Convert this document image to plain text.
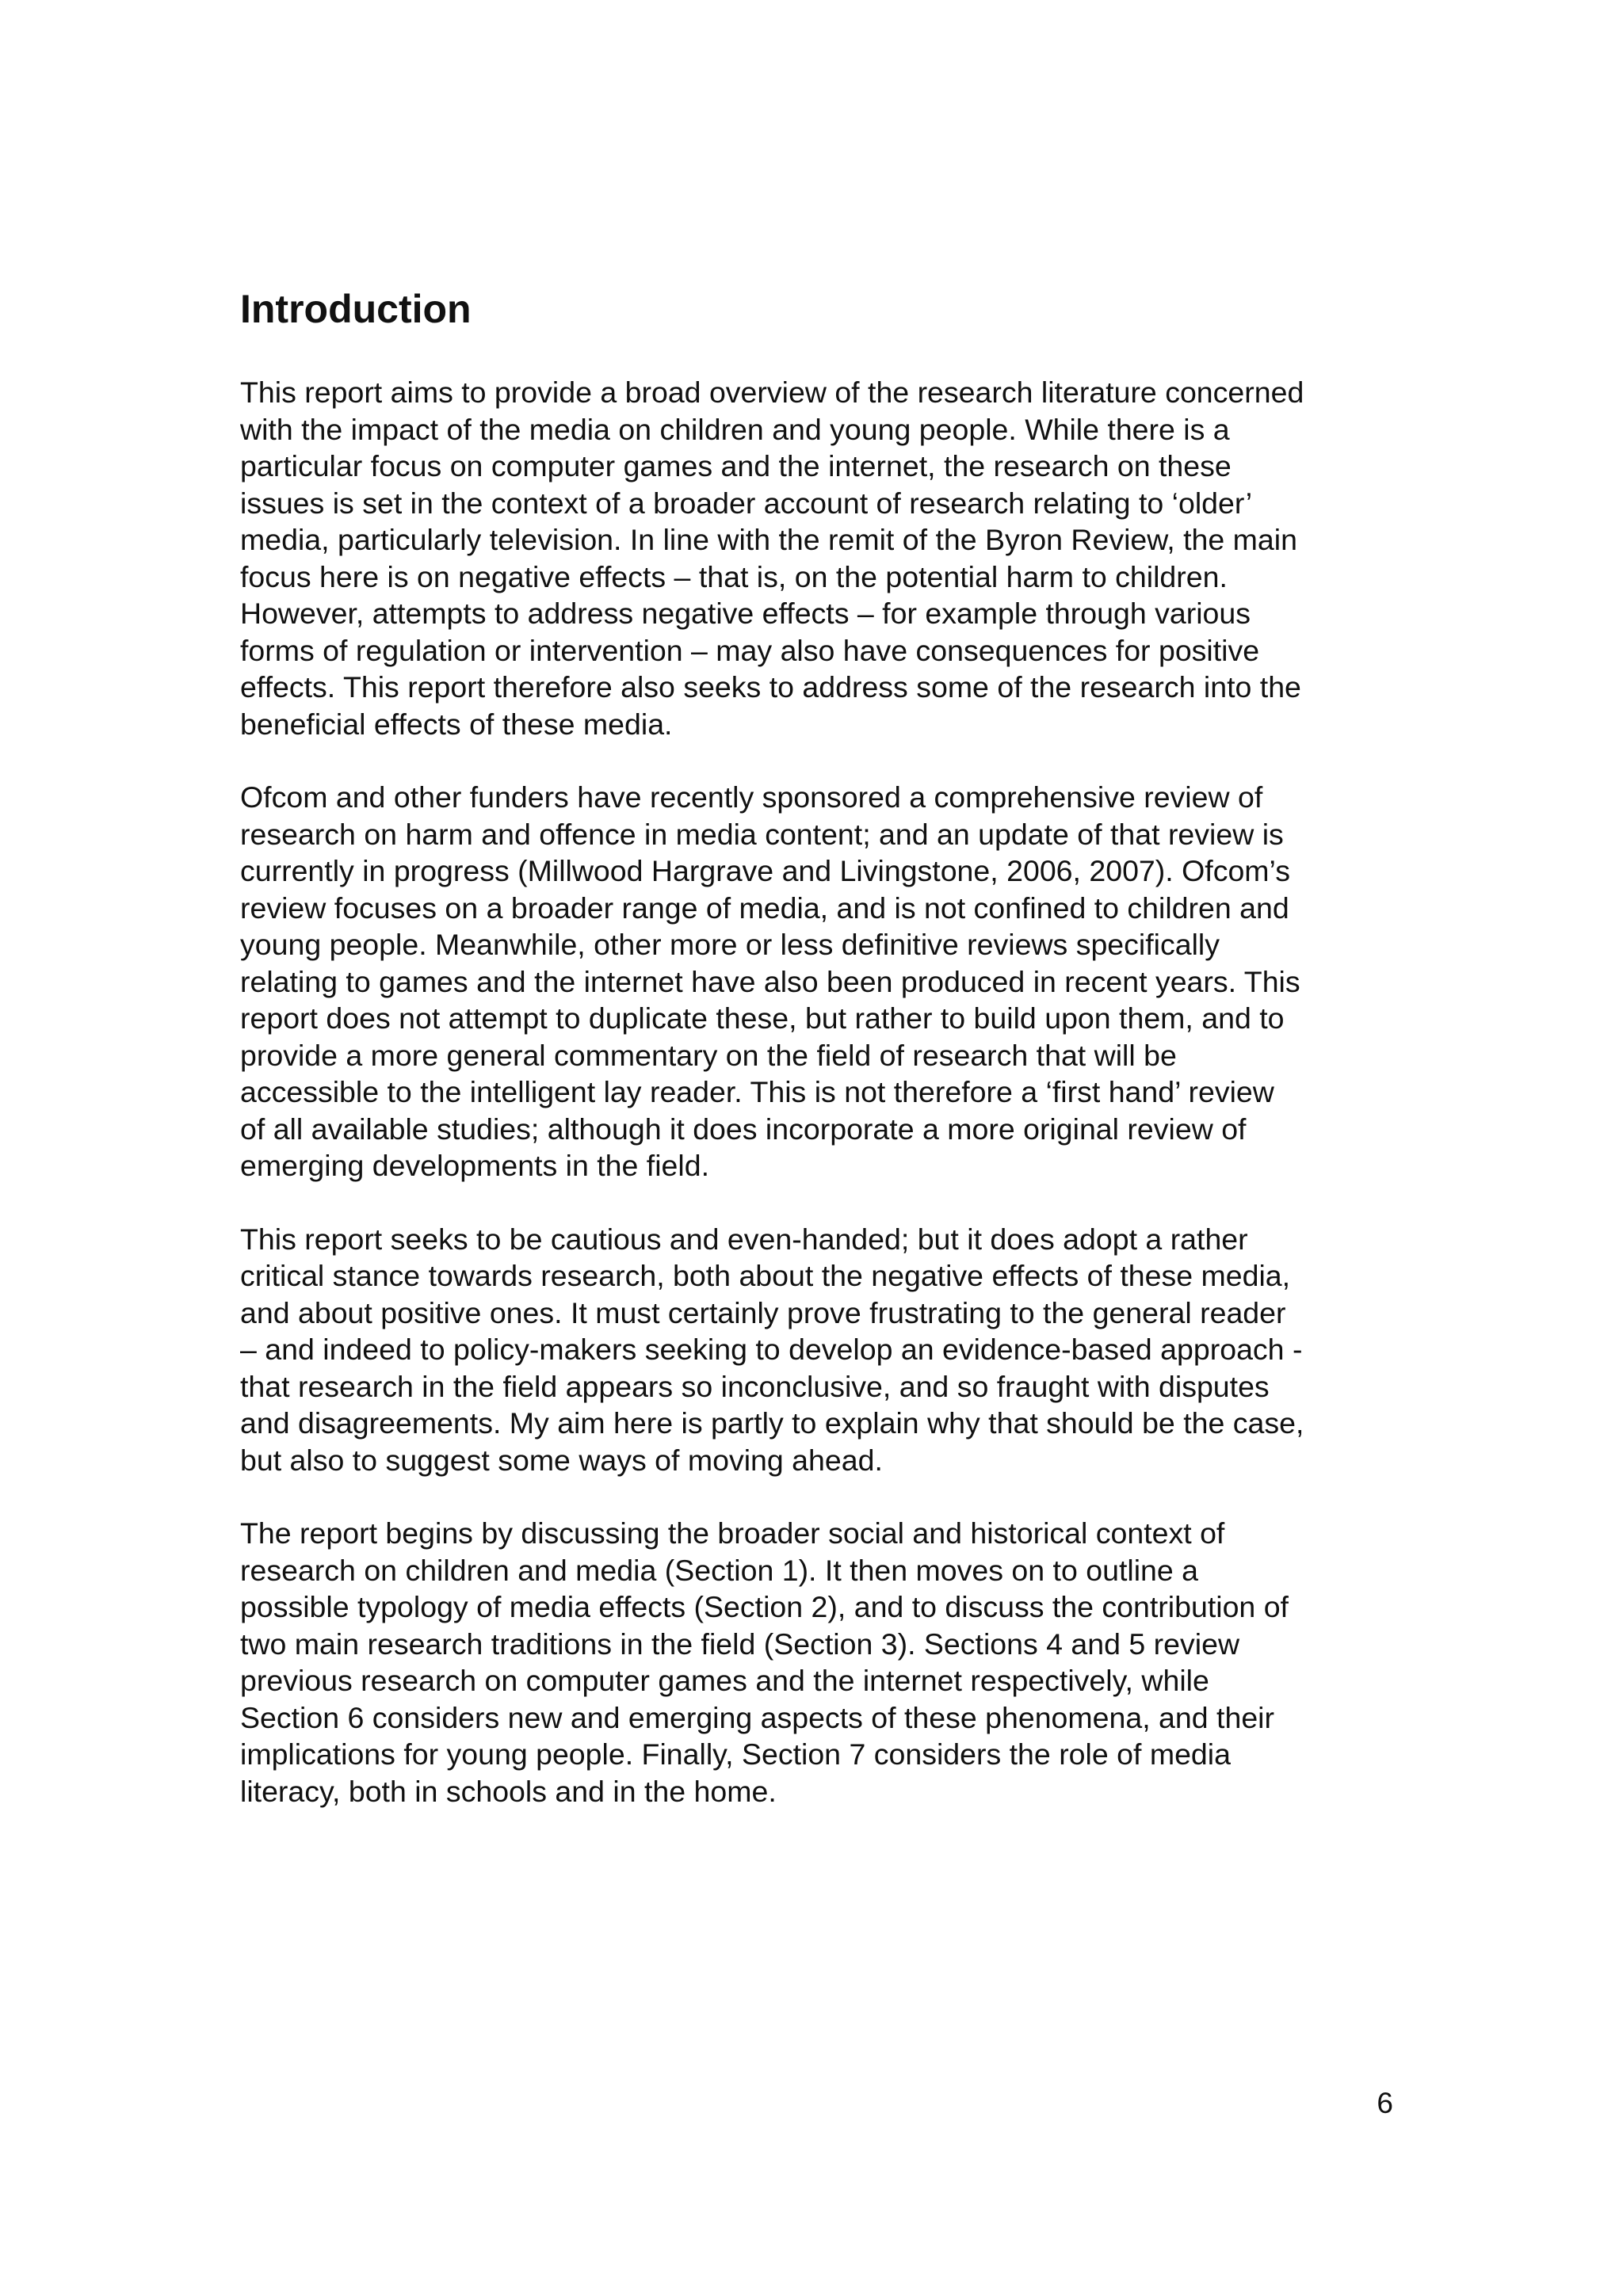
Introduction

This report aims to provide a broad overview of the research literature concerned
with the impact of the media on children and young people. While there is a
particular focus on computer games and the internet, the research on these
issues is set in the context of a broader account of research relating to ‘older’
media, particularly television. In line with the remit of the Byron Review, the main
focus here is on negative effects – that is, on the potential harm to children.
However, attempts to address negative effects – for example through various
forms of regulation or intervention – may also have consequences for positive
effects. This report therefore also seeks to address some of the research into the
beneficial effects of these media.

Ofcom and other funders have recently sponsored a comprehensive review of
research on harm and offence in media content; and an update of that review is
currently in progress (Millwood Hargrave and Livingstone, 2006, 2007). Ofcom’s
review focuses on a broader range of media, and is not confined to children and
young people. Meanwhile, other more or less definitive reviews specifically
relating to games and the internet have also been produced in recent years. This
report does not attempt to duplicate these, but rather to build upon them, and to
provide a more general commentary on the field of research that will be
accessible to the intelligent lay reader. This is not therefore a ‘first hand’ review
of all available studies; although it does incorporate a more original review of
emerging developments in the field.

This report seeks to be cautious and even-handed; but it does adopt a rather
critical stance towards research, both about the negative effects of these media,
and about positive ones. It must certainly prove frustrating to the general reader
– and indeed to policy-makers seeking to develop an evidence-based approach -
that research in the field appears so inconclusive, and so fraught with disputes
and disagreements. My aim here is partly to explain why that should be the case,
but also to suggest some ways of moving ahead.

The report begins by discussing the broader social and historical context of
research on children and media (Section 1). It then moves on to outline a
possible typology of media effects (Section 2), and to discuss the contribution of
two main research traditions in the field (Section 3). Sections 4 and 5 review
previous research on computer games and the internet respectively, while
Section 6 considers new and emerging aspects of these phenomena, and their
implications for young people. Finally, Section 7 considers the role of media
literacy, both in schools and in the home.

6
